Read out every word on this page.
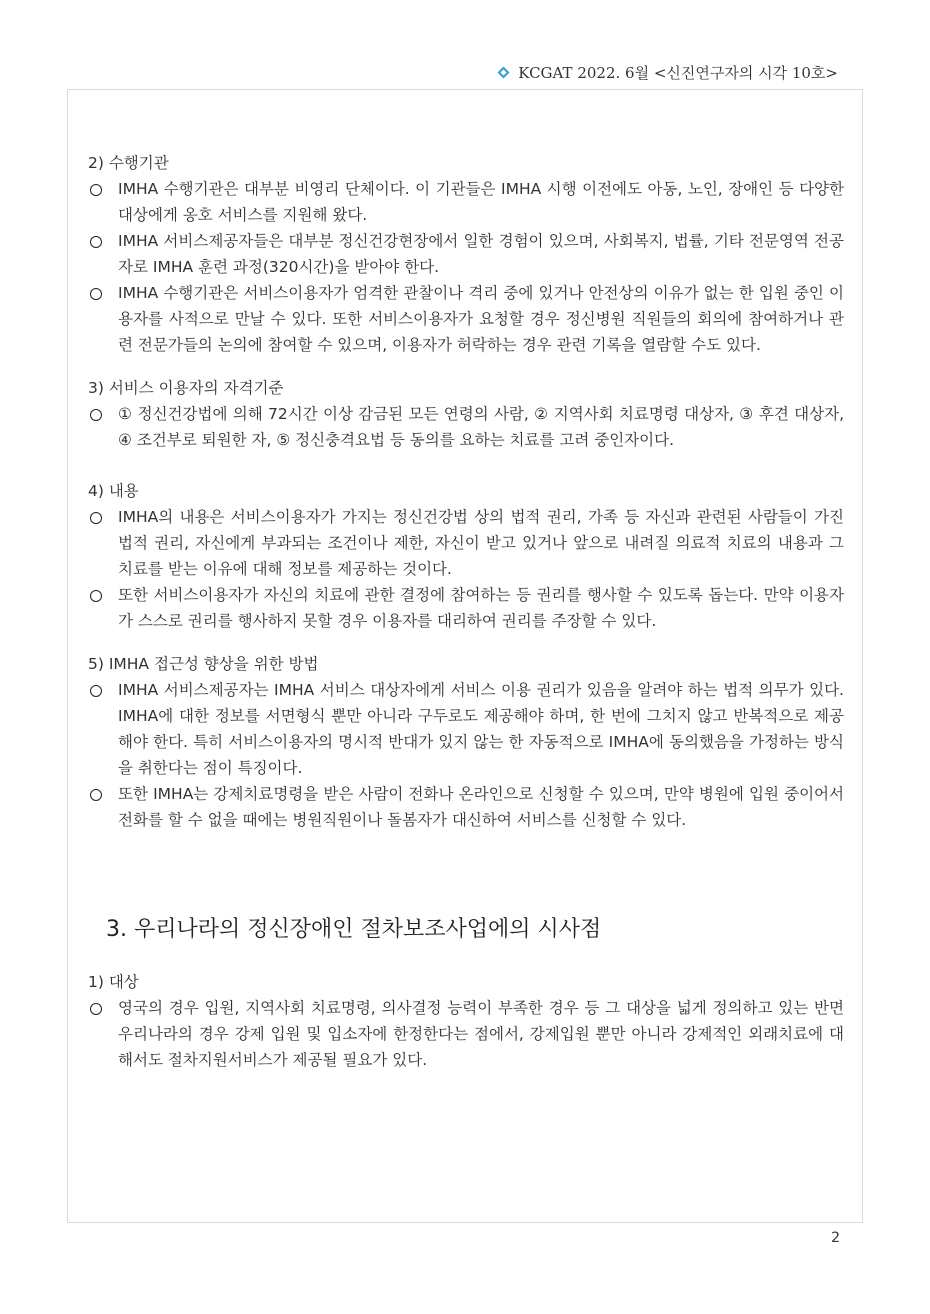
KCGAT 2022. 6월 <신진연구자의 시각 10호>

2) 수행기관

IMHA 수행기관은 대부분 비영리 단체이다. 이 기관들은 IMHA 시행 이전에도 아동, 노인, 장애인 등 다양한 대상에게 옹호 서비스를 지원해 왔다.
IMHA 서비스제공자들은 대부분 정신건강현장에서 일한 경험이 있으며, 사회복지, 법률, 기타 전문영역 전공자로 IMHA 훈련 과정(320시간)을 받아야 한다.
IMHA 수행기관은 서비스이용자가 엄격한 관찰이나 격리 중에 있거나 안전상의 이유가 없는 한 입원 중인 이용자를 사적으로 만날 수 있다. 또한 서비스이용자가 요청할 경우 정신병원 직원들의 회의에 참여하거나 관련 전문가들의 논의에 참여할 수 있으며, 이용자가 허락하는 경우 관련 기록을 열람할 수도 있다.

3) 서비스 이용자의 자격기준

① 정신건강법에 의해 72시간 이상 감금된 모든 연령의 사람, ② 지역사회 치료명령 대상자, ③ 후견 대상자, ④ 조건부로 퇴원한 자, ⑤ 정신충격요법 등 동의를 요하는 치료를 고려 중인자이다.

4) 내용

IMHA의 내용은 서비스이용자가 가지는 정신건강법 상의 법적 권리, 가족 등 자신과 관련된 사람들이 가진 법적 권리, 자신에게 부과되는 조건이나 제한, 자신이 받고 있거나 앞으로 내려질 의료적 치료의 내용과 그 치료를 받는 이유에 대해 정보를 제공하는 것이다.
또한 서비스이용자가 자신의 치료에 관한 결정에 참여하는 등 권리를 행사할 수 있도록 돕는다. 만약 이용자가 스스로 권리를 행사하지 못할 경우 이용자를 대리하여 권리를 주장할 수 있다.

5) IMHA 접근성 향상을 위한 방법

IMHA 서비스제공자는 IMHA 서비스 대상자에게 서비스 이용 권리가 있음을 알려야 하는 법적 의무가 있다. IMHA에 대한 정보를 서면형식 뿐만 아니라 구두로도 제공해야 하며, 한 번에 그치지 않고 반복적으로 제공해야 한다. 특히 서비스이용자의 명시적 반대가 있지 않는 한 자동적으로 IMHA에 동의했음을 가정하는 방식을 취한다는 점이 특징이다.
또한 IMHA는 강제치료명령을 받은 사람이 전화나 온라인으로 신청할 수 있으며, 만약 병원에 입원 중이어서 전화를 할 수 없을 때에는 병원직원이나 돌봄자가 대신하여 서비스를 신청할 수 있다.

3. 우리나라의 정신장애인 절차보조사업에의 시사점

1) 대상

영국의 경우 입원, 지역사회 치료명령, 의사결정 능력이 부족한 경우 등 그 대상을 넓게 정의하고 있는 반면 우리나라의 경우 강제 입원 및 입소자에 한정한다는 점에서, 강제입원 뿐만 아니라 강제적인 외래치료에 대해서도 절차지원서비스가 제공될 필요가 있다.
2
